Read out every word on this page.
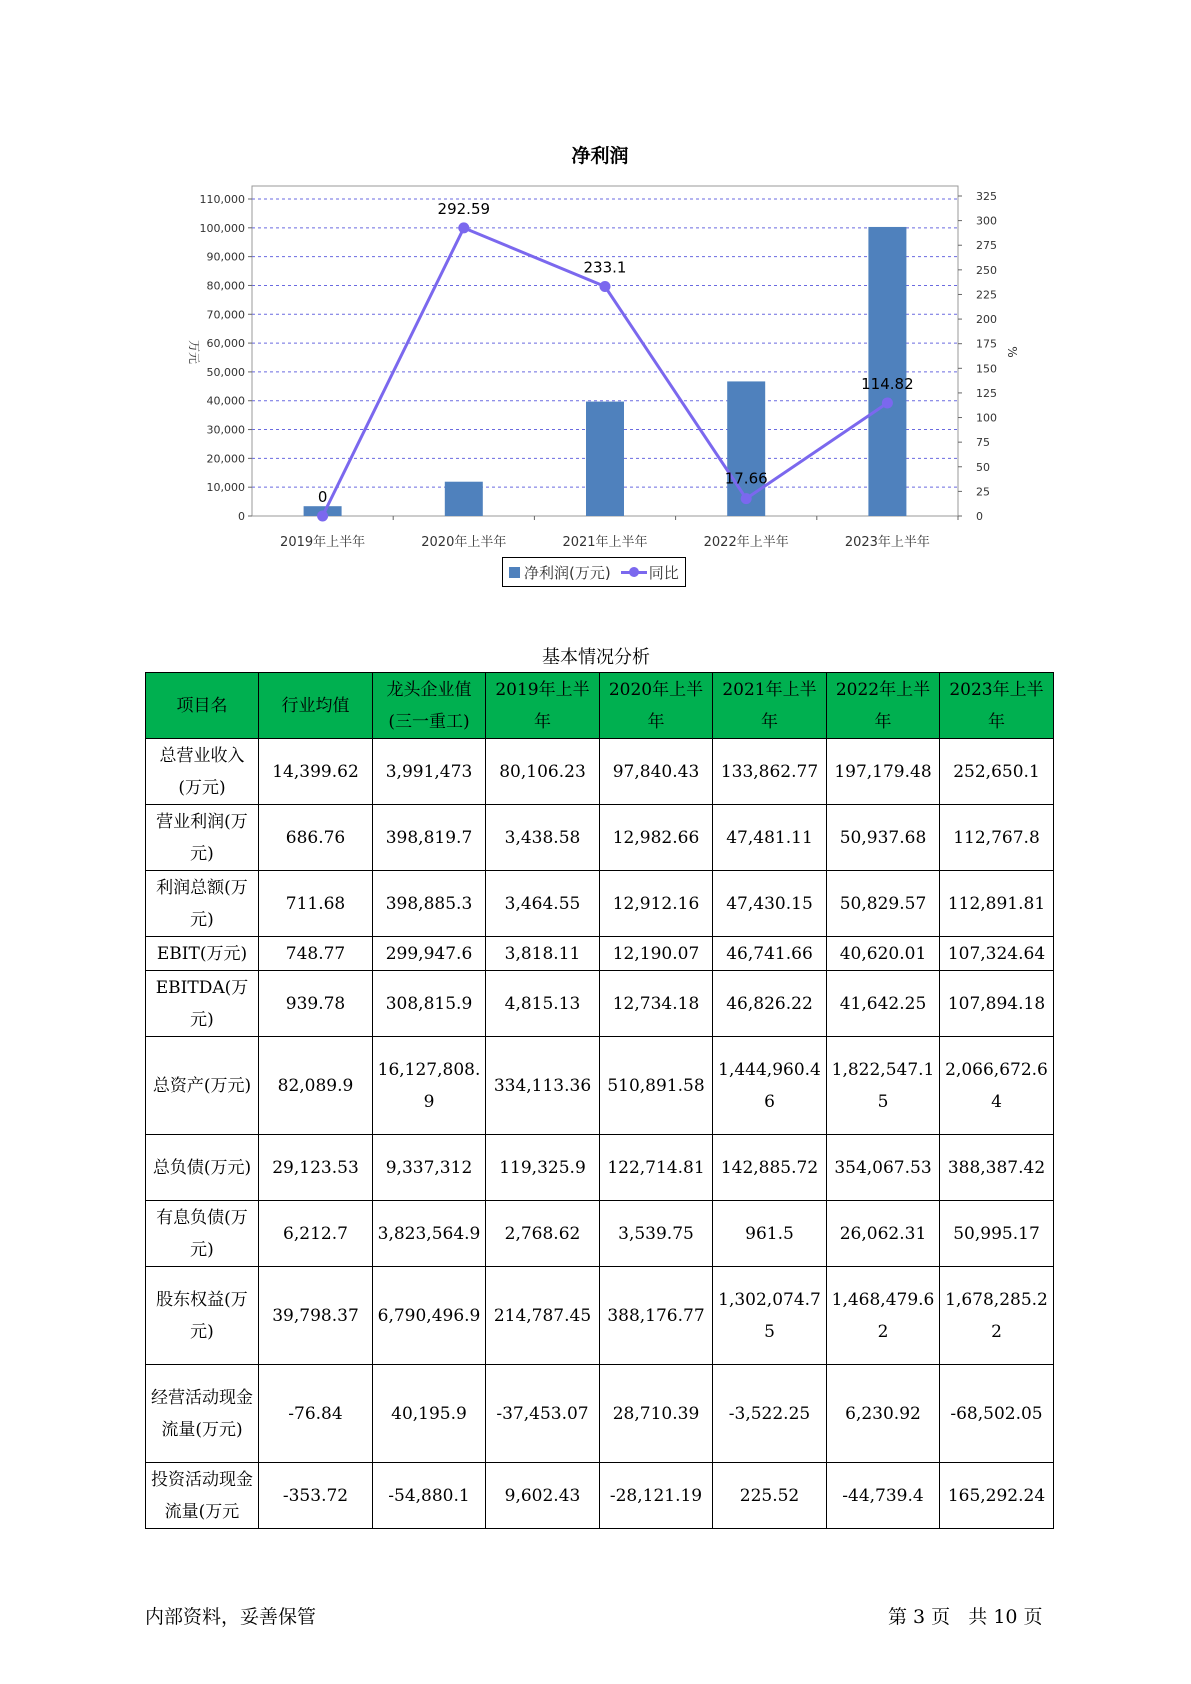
净利润
0
10,000
20,000
30,000
40,000
50,000
60,000
70,000
80,000
90,000
100,000
110,000
0
25
50
75
100
125
150
175
200
225
250
275
300
325
万元	%
2019年上半年	2020年上半年	2021年上半年	2022年上半年	2023年上半年
0
292.59
233.1
17.66
114.82
净利润(万元)	同比
基本情况分析
项目名	行业均值	龙头企业值(三一重工)	2019年上半年	2020年上半年	2021年上半年	2022年上半年	2023年上半年
总营业收入(万元)	14,399.62	3,991,473	80,106.23	97,840.43	133,862.77	197,179.48	252,650.1
营业利润(万元)	686.76	398,819.7	3,438.58	12,982.66	47,481.11	50,937.68	112,767.8
利润总额(万元)	711.68	398,885.3	3,464.55	12,912.16	47,430.15	50,829.57	112,891.81
EBIT(万元)	748.77	299,947.6	3,818.11	12,190.07	46,741.66	40,620.01	107,324.64
EBITDA(万元)	939.78	308,815.9	4,815.13	12,734.18	46,826.22	41,642.25	107,894.18
总资产(万元)	82,089.9	16,127,808.9	334,113.36	510,891.58	1,444,960.46	1,822,547.15	2,066,672.64
总负债(万元)	29,123.53	9,337,312	119,325.9	122,714.81	142,885.72	354,067.53	388,387.42
有息负债(万元)	6,212.7	3,823,564.9	2,768.62	3,539.75	961.5	26,062.31	50,995.17
股东权益(万元)	39,798.37	6,790,496.9	214,787.45	388,176.77	1,302,074.75	1,468,479.62	1,678,285.22
经营活动现金流量(万元)	-76.84	40,195.9	-37,453.07	28,710.39	-3,522.25	6,230.92	-68,502.05
投资活动现金流量(万元	-353.72	-54,880.1	9,602.43	-28,121.19	225.52	-44,739.4	165,292.24
内部资料，妥善保管	第 3 页   共 10 页
